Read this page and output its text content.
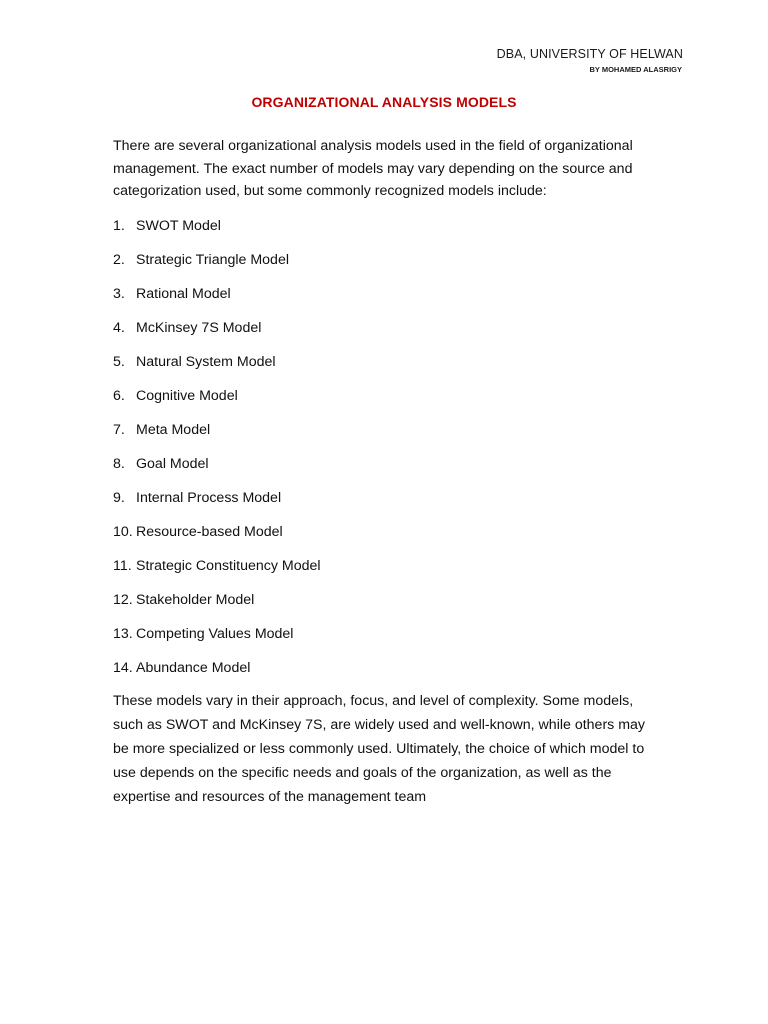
DBA, UNIVERSITY OF HELWAN
BY MOHAMED ALASRIGY
ORGANIZATIONAL ANALYSIS MODELS
There are several organizational analysis models used in the field of organizational
management. The exact number of models may vary depending on the source and
categorization used, but some commonly recognized models include:
1. SWOT Model
2. Strategic Triangle Model
3. Rational Model
4. McKinsey 7S Model
5. Natural System Model
6. Cognitive Model
7. Meta Model
8. Goal Model
9. Internal Process Model
10. Resource-based Model
11. Strategic Constituency Model
12. Stakeholder Model
13. Competing Values Model
14. Abundance Model
These models vary in their approach, focus, and level of complexity. Some models,
such as SWOT and McKinsey 7S, are widely used and well-known, while others may
be more specialized or less commonly used. Ultimately, the choice of which model to
use depends on the specific needs and goals of the organization, as well as the
expertise and resources of the management team
